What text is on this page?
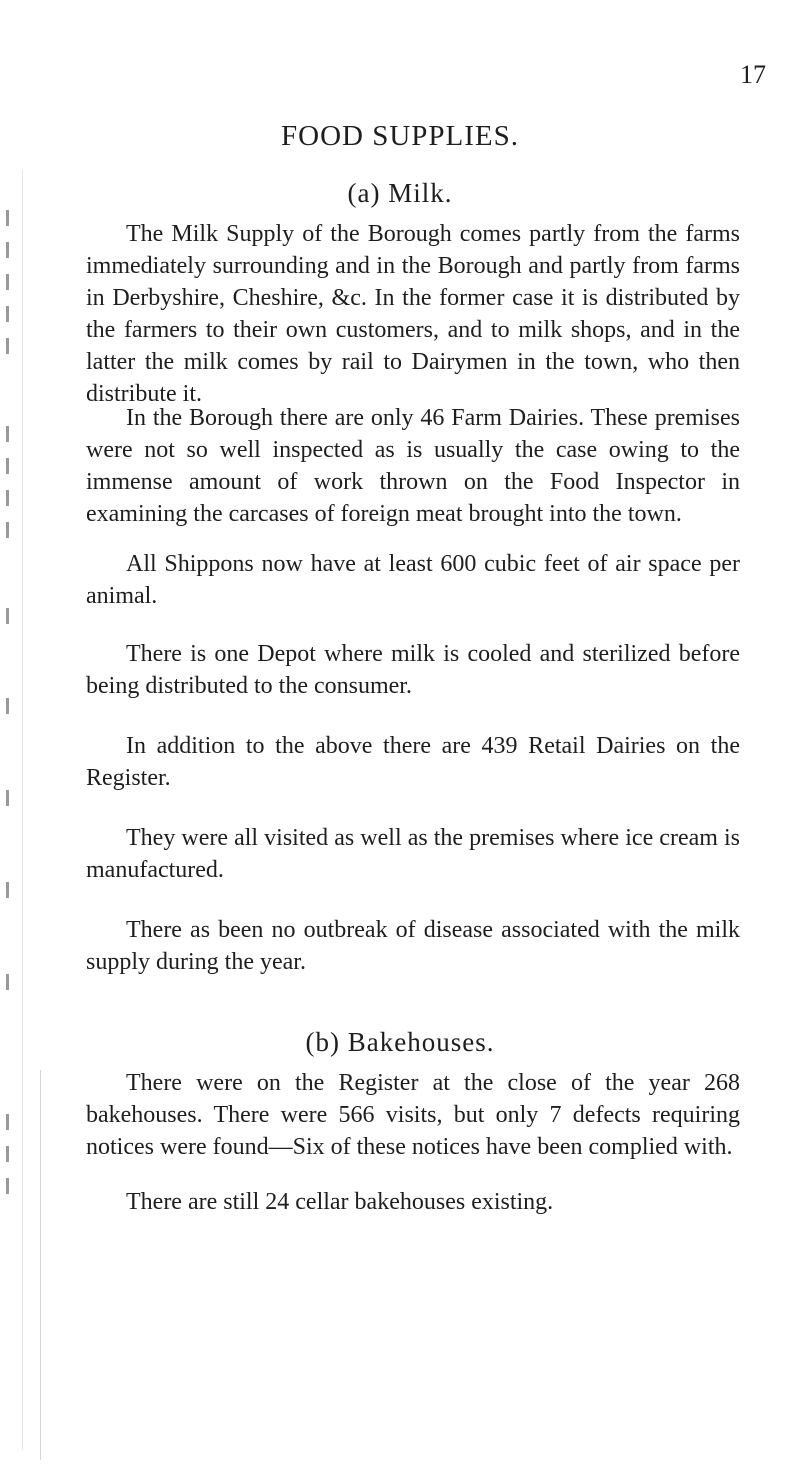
17
FOOD SUPPLIES.
(a) Milk.

The Milk Supply of the Borough comes partly from the farms immediately surrounding and in the Borough and partly from farms in Derbyshire, Cheshire, &c. In the former case it is distributed by the farmers to their own customers, and to milk shops, and in the latter the milk comes by rail to Dairymen in the town, who then distribute it.

In the Borough there are only 46 Farm Dairies. These premises were not so well inspected as is usually the case owing to the immense amount of work thrown on the Food Inspector in examining the carcases of foreign meat brought into the town.

All Shippons now have at least 600 cubic feet of air space per animal.

There is one Depot where milk is cooled and sterilized before being distributed to the consumer.

In addition to the above there are 439 Retail Dairies on the Register.

They were all visited as well as the premises where ice cream is manufactured.

There as been no outbreak of disease associated with the milk supply during the year.

(b) Bakehouses.

There were on the Register at the close of the year 268 bakehouses. There were 566 visits, but only 7 defects requiring notices were found—Six of these notices have been complied with.

There are still 24 cellar bakehouses existing.
